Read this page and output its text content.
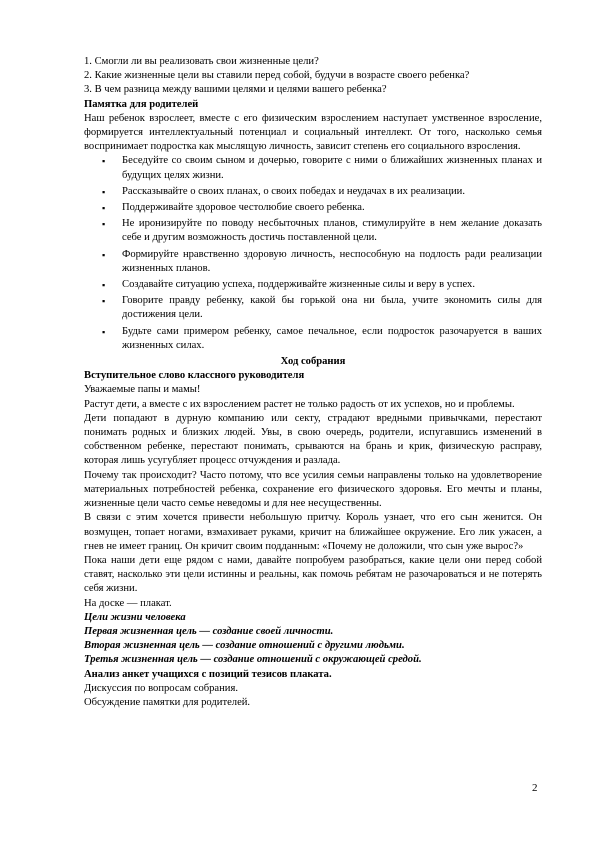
1. Смогли ли вы реализовать свои жизненные цели?

2. Какие жизненные цели вы ставили перед собой, будучи в возрасте своего ребенка?

3. В чем разница между вашими целями и целями вашего ребенка?

Памятка для родителей

Наш ребенок взрослеет, вместе с его физическим взрослением наступает умственное взросление, формируется интеллектуальный потенциал и социальный интеллект. От того, насколько семья воспринимает подростка как мыслящую личность, зависит степень его социального взросления.

▪ Беседуйте со своим сыном и дочерью, говорите с ними о ближайших жизненных планах и будущих целях жизни.
▪ Рассказывайте о своих планах, о своих победах и неудачах в их реализации.
▪ Поддерживайте здоровое честолюбие своего ребенка.
▪ Не иронизируйте по поводу несбыточных планов, стимулируйте в нем желание доказать себе и другим возможность достичь поставленной цели.
▪ Формируйте нравственно здоровую личность, неспособную на подлость ради реализации жизненных планов.
▪ Создавайте ситуацию успеха, поддерживайте жизненные силы и веру в успех.
▪ Говорите правду ребенку, какой бы горькой она ни была, учите экономить силы для достижения цели.
▪ Будьте сами примером ребенку, самое печальное, если подросток разочаруется в ваших жизненных силах.

Ход собрания

Вступительное слово классного руководителя

Уважаемые папы и мамы!

Растут дети, а вместе с их взрослением растет не только радость от их успехов, но и проблемы.

Дети попадают в дурную компанию или секту, страдают вредными привычками, перестают понимать родных и близких людей. Увы, в свою очередь, родители, испугавшись изменений в собственном ребенке, перестают понимать, срываются на брань и крик, физическую расправу, которая лишь усугубляет процесс отчуждения и разлада.

Почему так происходит? Часто потому, что все усилия семьи направлены только на удовлетворение материальных потребностей ребенка, сохранение его физического здоровья. Его мечты и планы, жизненные цели часто семье неведомы и для нее несущественны.

В связи с этим хочется привести небольшую притчу. Король узнает, что его сын женится. Он возмущен, топает ногами, взмахивает руками, кричит на ближайшее окружение. Его лик ужасен, а гнев не имеет границ. Он кричит своим подданным: «Почему не доложили, что сын уже вырос?»

Пока наши дети еще рядом с нами, давайте попробуем разобраться, какие цели они перед собой ставят, насколько эти цели истинны и реальны, как помочь ребятам не разочароваться и не потерять себя жизни.

На доске — плакат.

Цели жизни человека

Первая жизненная цель — создание своей личности.

Вторая жизненная цель — создание отношений с другими людьми.

Третья жизненная цель — создание отношений с окружающей средой.

Анализ анкет учащихся с позиций тезисов плаката.

Дискуссия по вопросам собрания.

Обсуждение памятки для родителей.

2
